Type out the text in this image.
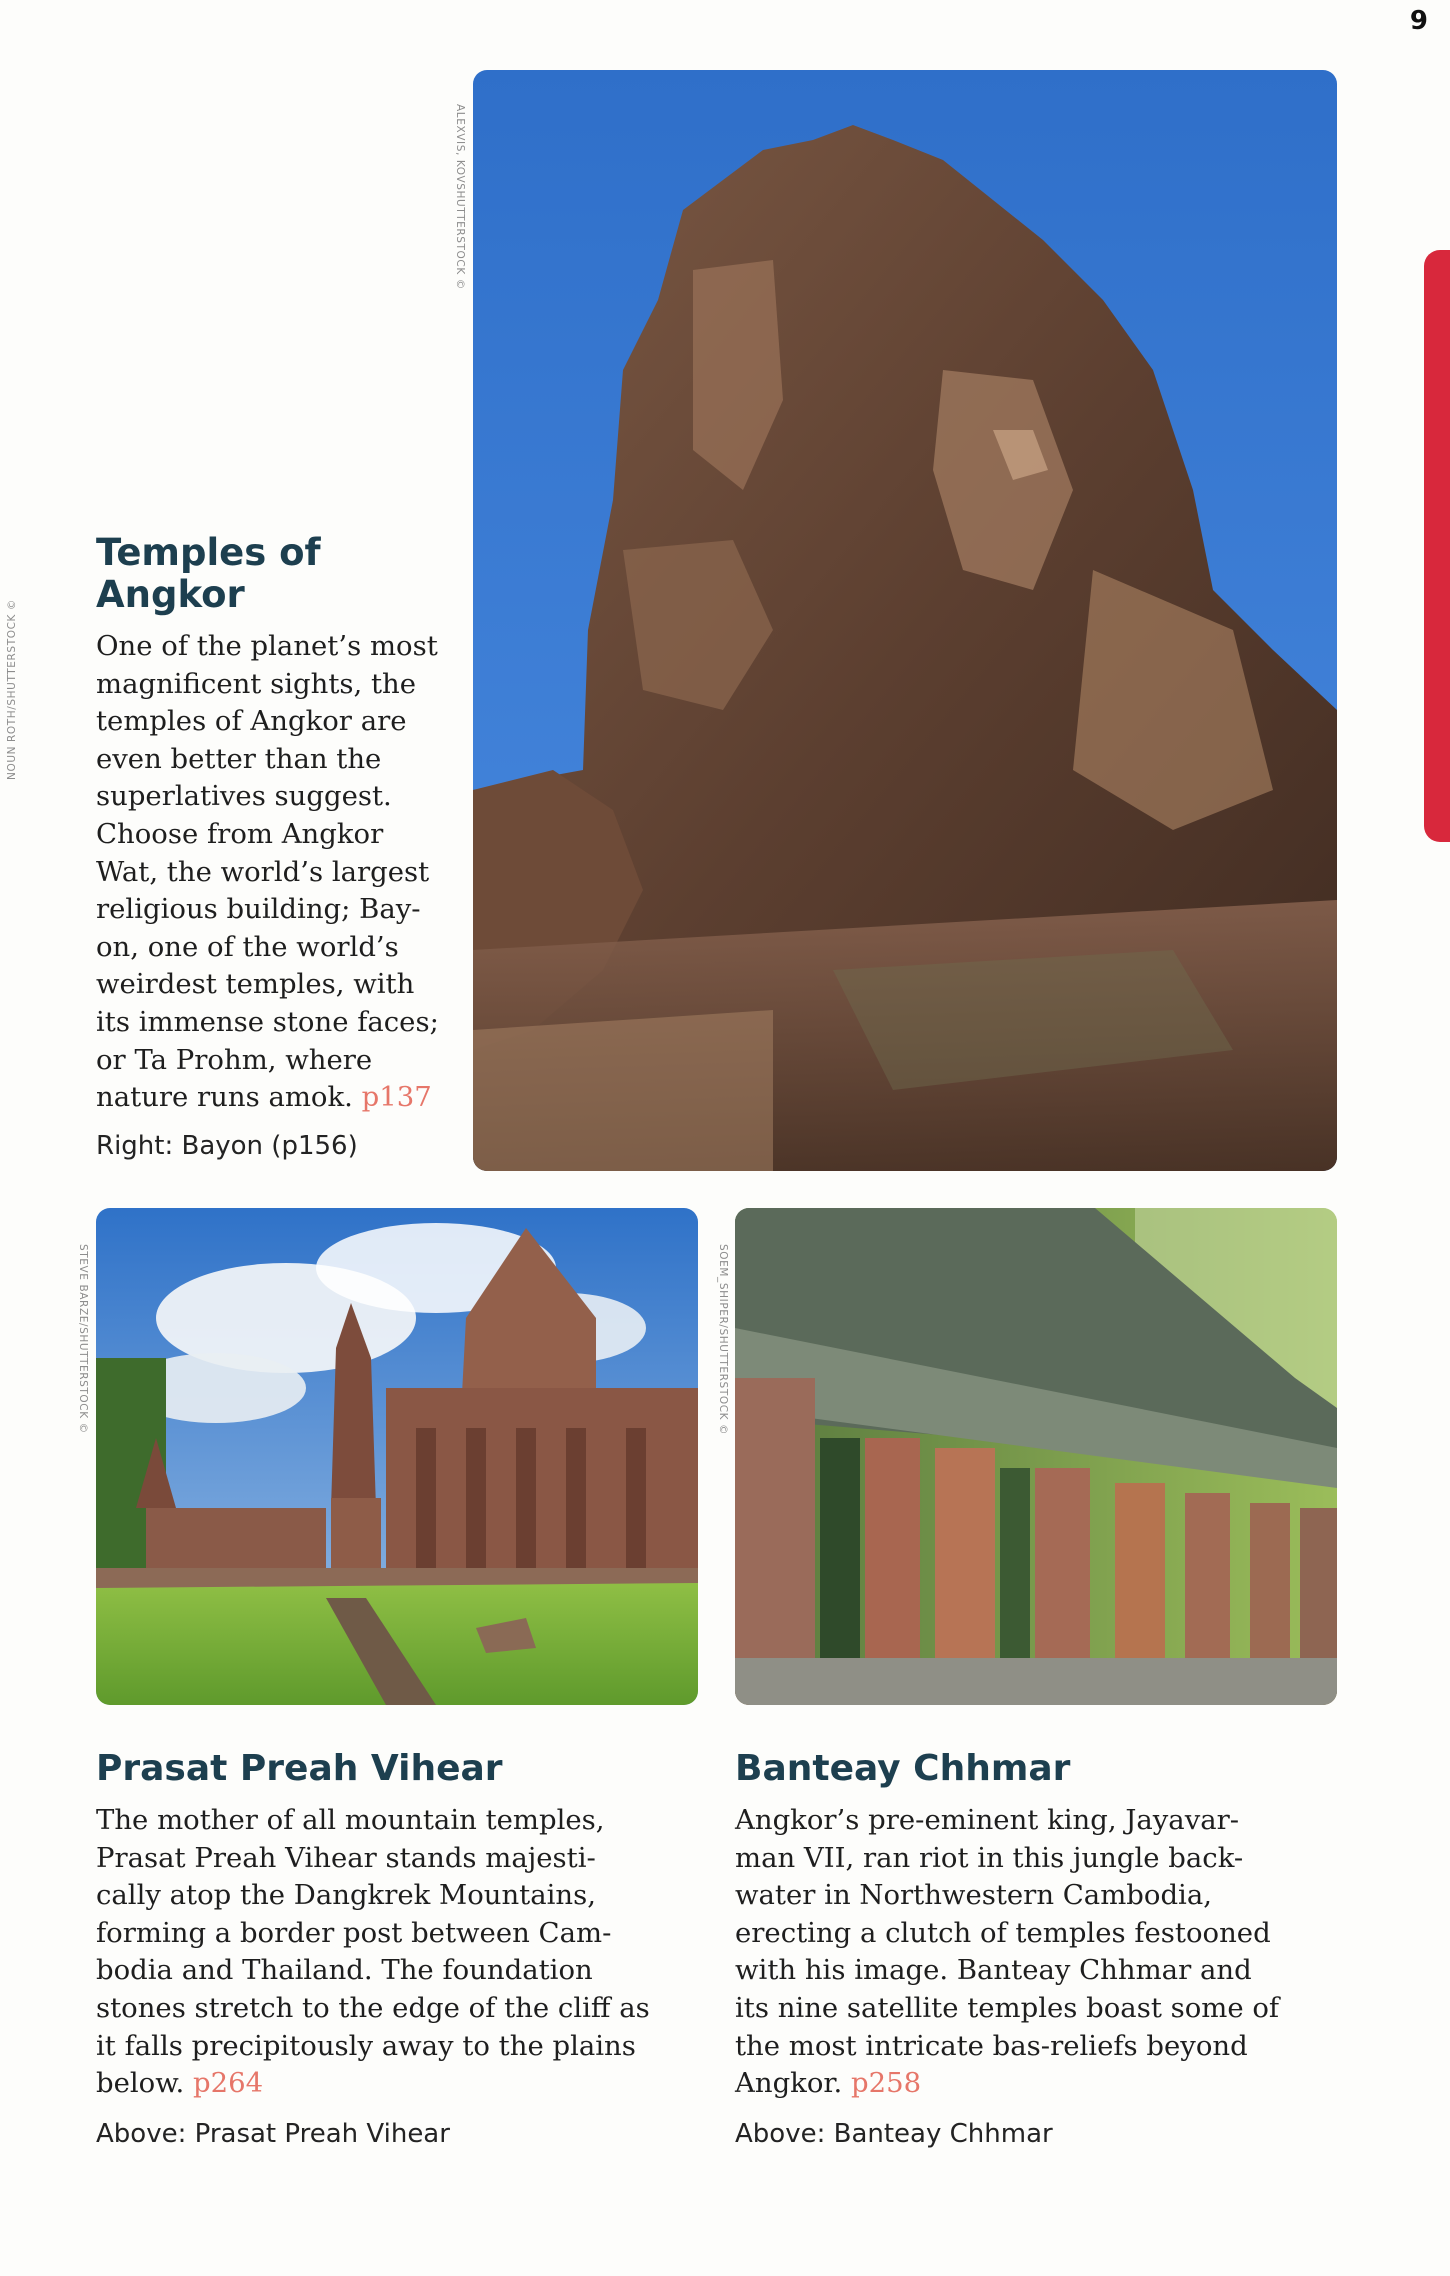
9
NOUN ROTH/SHUTTERSTOCK ©
ALEXVIS, KOVSHUTTERSTOCK ©
STEVE BARZE/SHUTTERSTOCK ©	SOEM_SHIPER/SHUTTERSTOCK ©
Temples of
Angkor
One of the planet’s most
magnificent sights, the
temples of Angkor are
even better than the
superlatives suggest.
Choose from Angkor
Wat, the world’s largest
religious building; Bay-
on, one of the world’s
weirdest temples, with
its immense stone faces;
or Ta Prohm, where
nature runs amok. p137
Right: Bayon (p156)
Prasat Preah Vihear
The mother of all mountain temples,
Prasat Preah Vihear stands majesti-
cally atop the Dangkrek Mountains,
forming a border post between Cam-
bodia and Thailand. The foundation
stones stretch to the edge of the cliff as
it falls precipitously away to the plains
below. p264
Above: Prasat Preah Vihear
Banteay Chhmar
Angkor’s pre-eminent king, Jayavar-
man VII, ran riot in this jungle back-
water in Northwestern Cambodia,
erecting a clutch of temples festooned
with his image. Banteay Chhmar and
its nine satellite temples boast some of
the most intricate bas-reliefs beyond
Angkor. p258
Above: Banteay Chhmar
